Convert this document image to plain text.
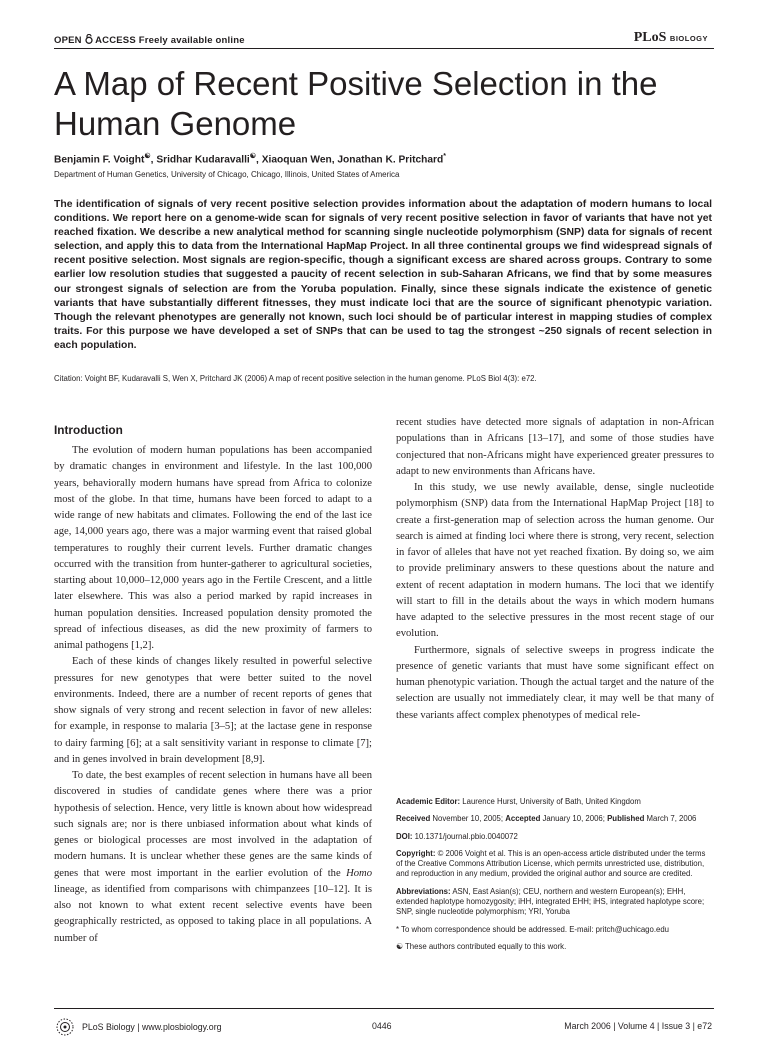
OPEN ACCESS Freely available online	PLoS BIOLOGY
A Map of Recent Positive Selection in the Human Genome
Benjamin F. Voight☯, Sridhar Kudaravalli☯, Xiaoquan Wen, Jonathan K. Pritchard*
Department of Human Genetics, University of Chicago, Chicago, Illinois, United States of America

The identification of signals of very recent positive selection provides information about the adaptation of modern humans to local conditions. We report here on a genome-wide scan for signals of very recent positive selection in favor of variants that have not yet reached fixation. We describe a new analytical method for scanning single nucleotide polymorphism (SNP) data for signals of recent selection, and apply this to data from the International HapMap Project. In all three continental groups we find widespread signals of recent positive selection. Most signals are region-specific, though a significant excess are shared across groups. Contrary to some earlier low resolution studies that suggested a paucity of recent selection in sub-Saharan Africans, we find that by some measures our strongest signals of selection are from the Yoruba population. Finally, since these signals indicate the existence of genetic variants that have substantially different fitnesses, they must indicate loci that are the source of significant phenotypic variation. Though the relevant phenotypes are generally not known, such loci should be of particular interest in mapping studies of complex traits. For this purpose we have developed a set of SNPs that can be used to tag the strongest ~250 signals of recent selection in each population.

Citation: Voight BF, Kudaravalli S, Wen X, Pritchard JK (2006) A map of recent positive selection in the human genome. PLoS Biol 4(3): e72.

Introduction

The evolution of modern human populations has been accompanied by dramatic changes in environment and lifestyle. In the last 100,000 years, behaviorally modern humans have spread from Africa to colonize most of the globe. In that time, humans have been forced to adapt to a wide range of new habitats and climates. Following the end of the last ice age, 14,000 years ago, there was a major warming event that raised global temperatures to roughly their current levels. Further dramatic changes occurred with the transition from hunter-gatherer to agricultural societies, starting about 10,000–12,000 years ago in the Fertile Crescent, and a little later elsewhere. This was also a period marked by rapid increases in human population densities. Increased population density promoted the spread of infectious diseases, as did the new proximity of farmers to animal pathogens [1,2].

Each of these kinds of changes likely resulted in powerful selective pressures for new genotypes that were better suited to the novel environments. Indeed, there are a number of recent reports of genes that show signals of very strong and recent selection in favor of new alleles: for example, in response to malaria [3–5]; at the lactase gene in response to dairy farming [6]; at a salt sensitivity variant in response to climate [7]; and in genes involved in brain development [8,9].

To date, the best examples of recent selection in humans have all been discovered in studies of candidate genes where there was a prior hypothesis of selection. Hence, very little is known about how widespread such signals are; nor is there unbiased information about what kinds of genes or biological processes are most involved in the adaptation of modern humans. It is unclear whether these genes are the same kinds of genes that were most important in the earlier evolution of the Homo lineage, as identified from comparisons with chimpanzees [10–12]. It is also not known to what extent recent selective events have been geographically restricted, as opposed to taking place in all populations. A number of

recent studies have detected more signals of adaptation in non-African populations than in Africans [13–17], and some of those studies have conjectured that non-Africans might have experienced greater pressures to adapt to new environments than Africans have.

In this study, we use newly available, dense, single nucleotide polymorphism (SNP) data from the International HapMap Project [18] to create a first-generation map of selection across the human genome. Our search is aimed at finding loci where there is strong, very recent, selection in favor of alleles that have not yet reached fixation. By doing so, we aim to provide preliminary answers to these questions about the nature and extent of recent adaptation in modern humans. The loci that we identify will start to fill in the details about the ways in which modern humans have adapted to the selective pressures in the most recent stage of our evolution.

Furthermore, signals of selective sweeps in progress indicate the presence of genetic variants that must have some significant effect on human phenotypic variation. Though the actual target and the nature of the selection are usually not immediately clear, it may well be that many of these variants affect complex phenotypes of medical rele-

Academic Editor: Laurence Hurst, University of Bath, United Kingdom

Received November 10, 2005; Accepted January 10, 2006; Published March 7, 2006

DOI: 10.1371/journal.pbio.0040072

Copyright: © 2006 Voight et al. This is an open-access article distributed under the terms of the Creative Commons Attribution License, which permits unrestricted use, distribution, and reproduction in any medium, provided the original author and source are credited.

Abbreviations: ASN, East Asian(s); CEU, northern and western European(s); EHH, extended haplotype homozygosity; iHH, integrated EHH; iHS, integrated haplotype score; SNP, single nucleotide polymorphism; YRI, Yoruba

* To whom correspondence should be addressed. E-mail: pritch@uchicago.edu

☯ These authors contributed equally to this work.

PLoS Biology | www.plosbiology.org	0446	March 2006 | Volume 4 | Issue 3 | e72
